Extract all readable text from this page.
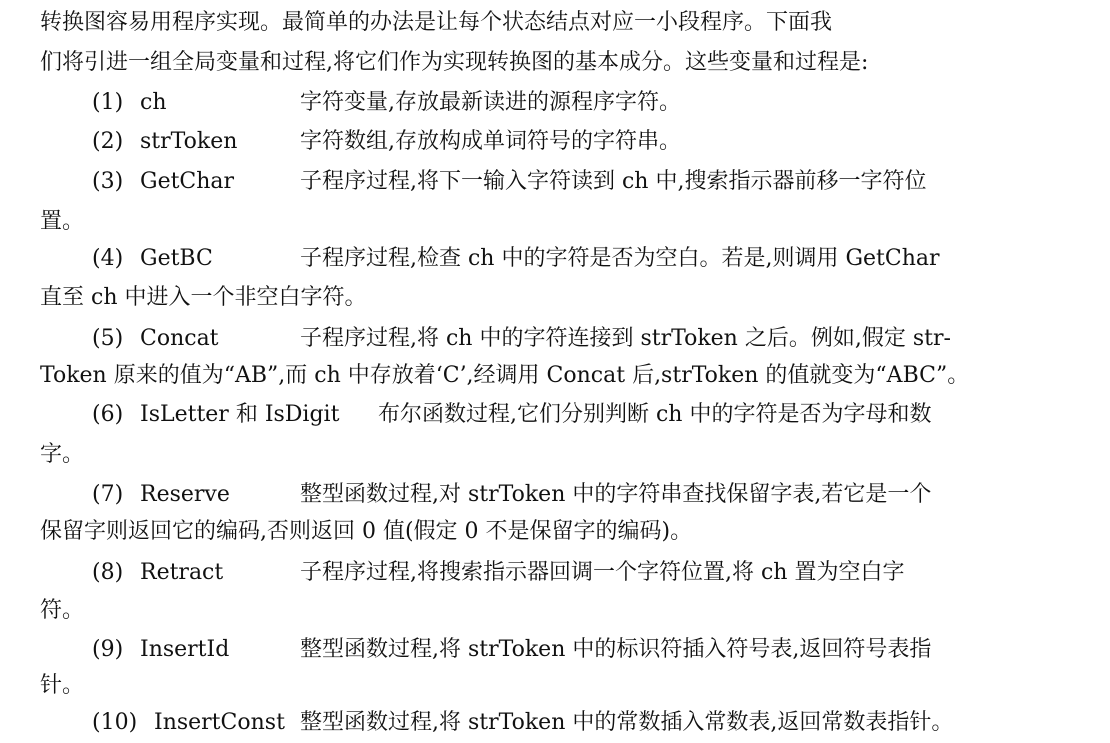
转换图容易用程序实现。最简单的办法是让每个状态结点对应一小段程序。下面我
们将引进一组全局变量和过程,将它们作为实现转换图的基本成分。这些变量和过程是:
(1) ch	字符变量,存放最新读进的源程序字符。
(2) strToken	字符数组,存放构成单词符号的字符串。
(3) GetChar	子程序过程,将下一输入字符读到 ch 中,搜索指示器前移一字符位
置。
(4) GetBC	子程序过程,检查 ch 中的字符是否为空白。若是,则调用 GetChar
直至 ch 中进入一个非空白字符。
(5) Concat	子程序过程,将 ch 中的字符连接到 strToken 之后。例如,假定 str-
Token 原来的值为“AB”,而 ch 中存放着‘C’,经调用 Concat 后,strToken 的值就变为“ABC”。
(6) IsLetter 和 IsDigit 布尔函数过程,它们分别判断 ch 中的字符是否为字母和数
字。
(7) Reserve	整型函数过程,对 strToken 中的字符串查找保留字表,若它是一个
保留字则返回它的编码,否则返回 0 值(假定 0 不是保留字的编码)。
(8) Retract	子程序过程,将搜索指示器回调一个字符位置,将 ch 置为空白字
符。
(9) InsertId	整型函数过程,将 strToken 中的标识符插入符号表,返回符号表指
针。
(10) InsertConst 整型函数过程,将 strToken 中的常数插入常数表,返回常数表指针。
